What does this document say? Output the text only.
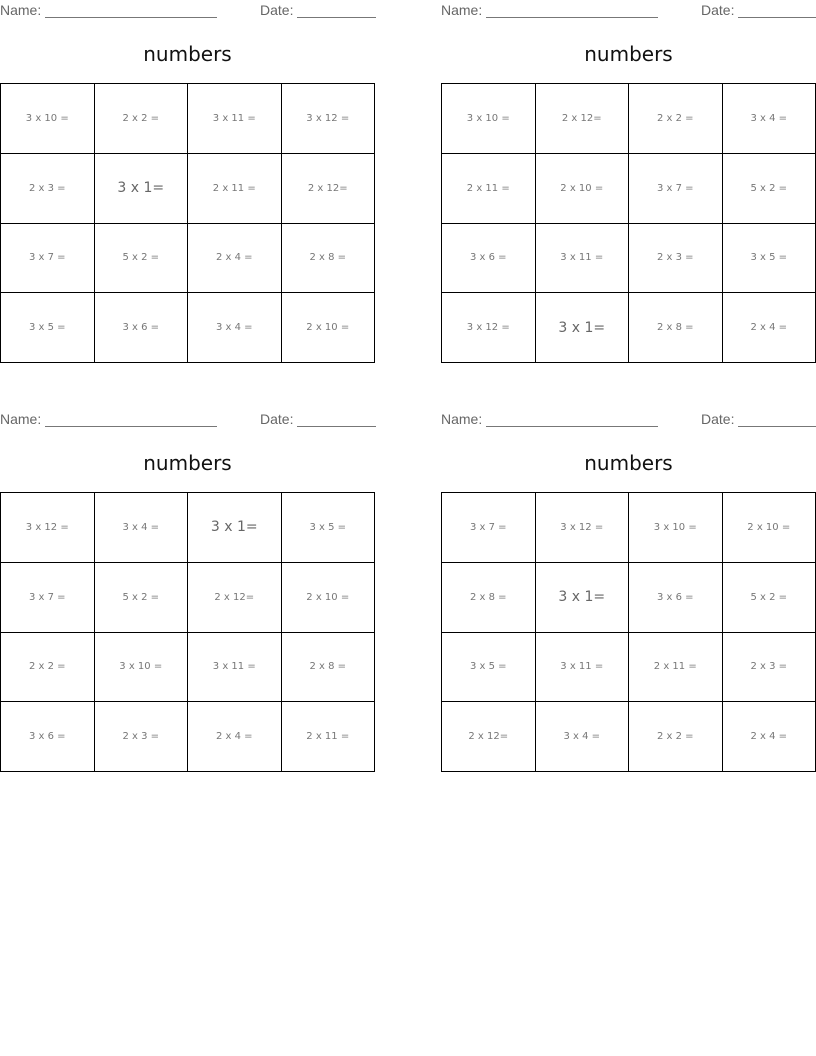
Name:	Date:
numbers
3 x 10 =	2 x 2 =	3 x 11 =	3 x 12 =
2 x 3 =	3 x 1=	2 x 11 =	2 x 12=
3 x 7 =	5 x 2 =	2 x 4 =	2 x 8 =
3 x 5 =	3 x 6 =	3 x 4 =	2 x 10 =
Name:	Date:
numbers
3 x 10 =	2 x 12=	2 x 2 =	3 x 4 =
2 x 11 =	2 x 10 =	3 x 7 =	5 x 2 =
3 x 6 =	3 x 11 =	2 x 3 =	3 x 5 =
3 x 12 =	3 x 1=	2 x 8 =	2 x 4 =
Name:	Date:
numbers
3 x 12 =	3 x 4 =	3 x 1=	3 x 5 =
3 x 7 =	5 x 2 =	2 x 12=	2 x 10 =
2 x 2 =	3 x 10 =	3 x 11 =	2 x 8 =
3 x 6 =	2 x 3 =	2 x 4 =	2 x 11 =
Name:	Date:
numbers
3 x 7 =	3 x 12 =	3 x 10 =	2 x 10 =
2 x 8 =	3 x 1=	3 x 6 =	5 x 2 =
3 x 5 =	3 x 11 =	2 x 11 =	2 x 3 =
2 x 12=	3 x 4 =	2 x 2 =	2 x 4 =
